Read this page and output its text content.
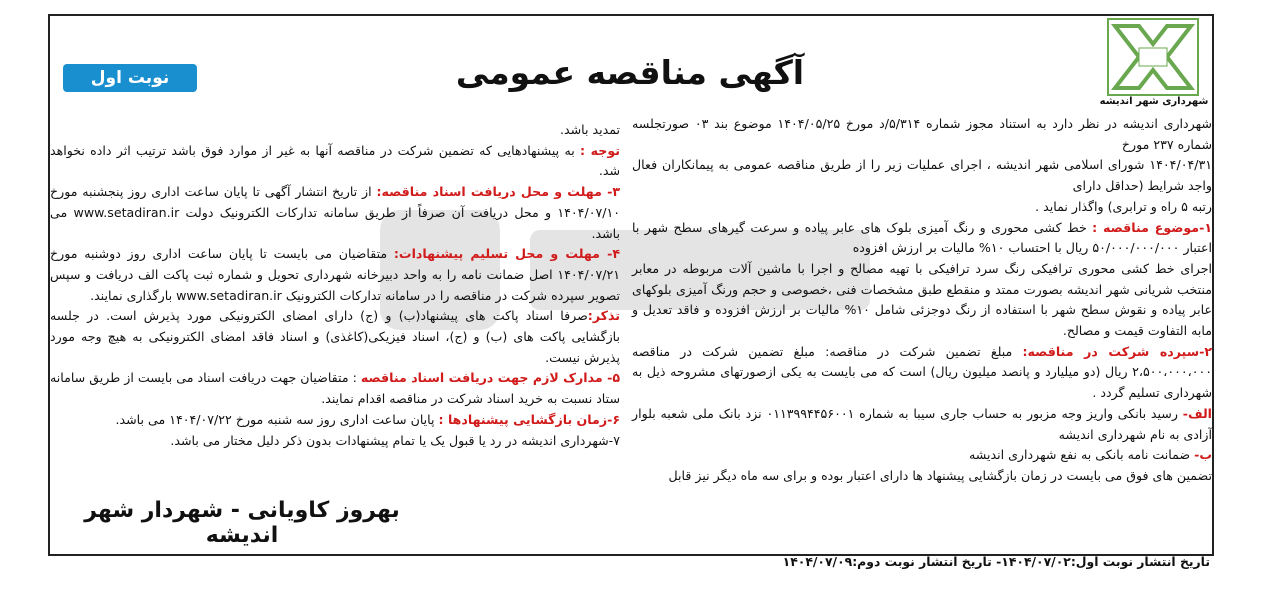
نوبت اول	آگهی مناقصه عمومی
شهرداری شهر اندیشه

شهرداری اندیشه در نظر دارد به استناد مجوز شماره ۵/۳۱۴/د مورخ ۱۴۰۴/۰۵/۲۵ موضوع بند ۰۳ صورتجلسه شماره ۲۳۷ مورخ

۱۴۰۴/۰۴/۳۱ شورای اسلامی شهر اندیشه ، اجرای عملیات زیر را از طریق مناقصه عمومی به پیمانکاران فعال واجد شرایط (حداقل دارای

رتبه ۵ راه و ترابری) واگذار نماید .

۱-موضوع مناقصه : خط کشی محوری و رنگ آمیزی بلوک های عابر پیاده و سرعت گیرهای سطح شهر با اعتبار ۵۰/۰۰۰/۰۰۰/۰۰۰ ریال با احتساب ۱۰% مالیات بر ارزش افزوده

اجرای خط کشی محوری ترافیکی رنگ سرد ترافیکی با تهیه مصالح و اجرا با ماشین آلات مربوطه در معابر منتخب شریانی شهر اندیشه بصورت ممتد و منقطع طبق مشخصات فنی ،خصوصی و حجم ورنگ آمیزی بلوکهای عابر پیاده و نقوش سطح شهر با استفاده از رنگ دوجزئی شامل ۱۰% مالیات بر ارزش افزوده و فاقد تعدیل و مابه التفاوت قیمت و مصالح.

۲-سپرده شرکت در مناقصه: مبلغ تضمین شرکت در مناقصه: مبلغ تضمین شرکت در مناقصه ۲،۵۰۰،۰۰۰،۰۰۰ ریال (دو میلیارد و پانصد میلیون ریال) است که می بایست به یکی ازصورتهای مشروحه ذیل به شهرداری تسلیم گردد .

الف- رسید بانکی واریز وجه مزبور به حساب جاری سیبا به شماره ۰۱۱۳۹۹۴۴۵۶۰۰۱ نزد بانک ملی شعبه بلوار آزادی به نام شهرداری اندیشه

ب- ضمانت نامه بانکی به نفع شهرداری اندیشه

تضمین های فوق می بایست در زمان بازگشایی پیشنهاد ها دارای اعتبار بوده و برای سه ماه دیگر نیز قابل

تمدید باشد.

توجه : به پیشنهادهایی که تضمین شرکت در مناقصه آنها به غیر از موارد فوق باشد ترتیب اثر داده نخواهد شد.

۳- مهلت و محل دریافت اسناد مناقصه: از تاریخ انتشار آگهی تا پایان ساعت اداری روز پنجشنبه مورخ ۱۴۰۴/۰۷/۱۰ و محل دریافت آن صرفاً از طریق سامانه تدارکات الکترونیک دولت www.setadiran.ir می باشد.

۴- مهلت و محل تسلیم پیشنهادات: متقاضیان می بایست تا پایان ساعت اداری روز دوشنبه مورخ ۱۴۰۴/۰۷/۲۱ اصل ضمانت نامه را به واحد دبیرخانه شهرداری تحویل و شماره ثبت پاکت الف دریافت و سپس تصویر سپرده شرکت در مناقصه را در سامانه تدارکات الکترونیک www.setadiran.ir بارگذاری نمایند.

تذکر:صرفا اسناد پاکت های پیشنهاد(ب) و (ج) دارای امضای الکترونیکی مورد پذیرش است. در جلسه بازگشایی پاکت های (ب) و (ج)، اسناد فیزیکی(کاغذی) و اسناد فاقد امضای الکترونیکی به هیچ وجه مورد پذیرش نیست.

۵- مدارک لازم جهت دریافت اسناد مناقصه : متقاضیان جهت دریافت اسناد می بایست از طریق سامانه ستاد نسبت به خرید اسناد شرکت در مناقصه اقدام نمایند.

۶-زمان بازگشایی پیشنهادها : پایان ساعت اداری روز سه شنبه مورخ ۱۴۰۴/۰۷/۲۲ می باشد.

۷-شهرداری اندیشه در رد یا قبول یک یا تمام پیشنهادات بدون ذکر دلیل مختار می باشد.

بهروز کاویانی - شهردار شهر اندیشه
تاریخ انتشار نوبت اول:۱۴۰۴/۰۷/۰۲- تاریخ انتشار نوبت دوم:۱۴۰۴/۰۷/۰۹
